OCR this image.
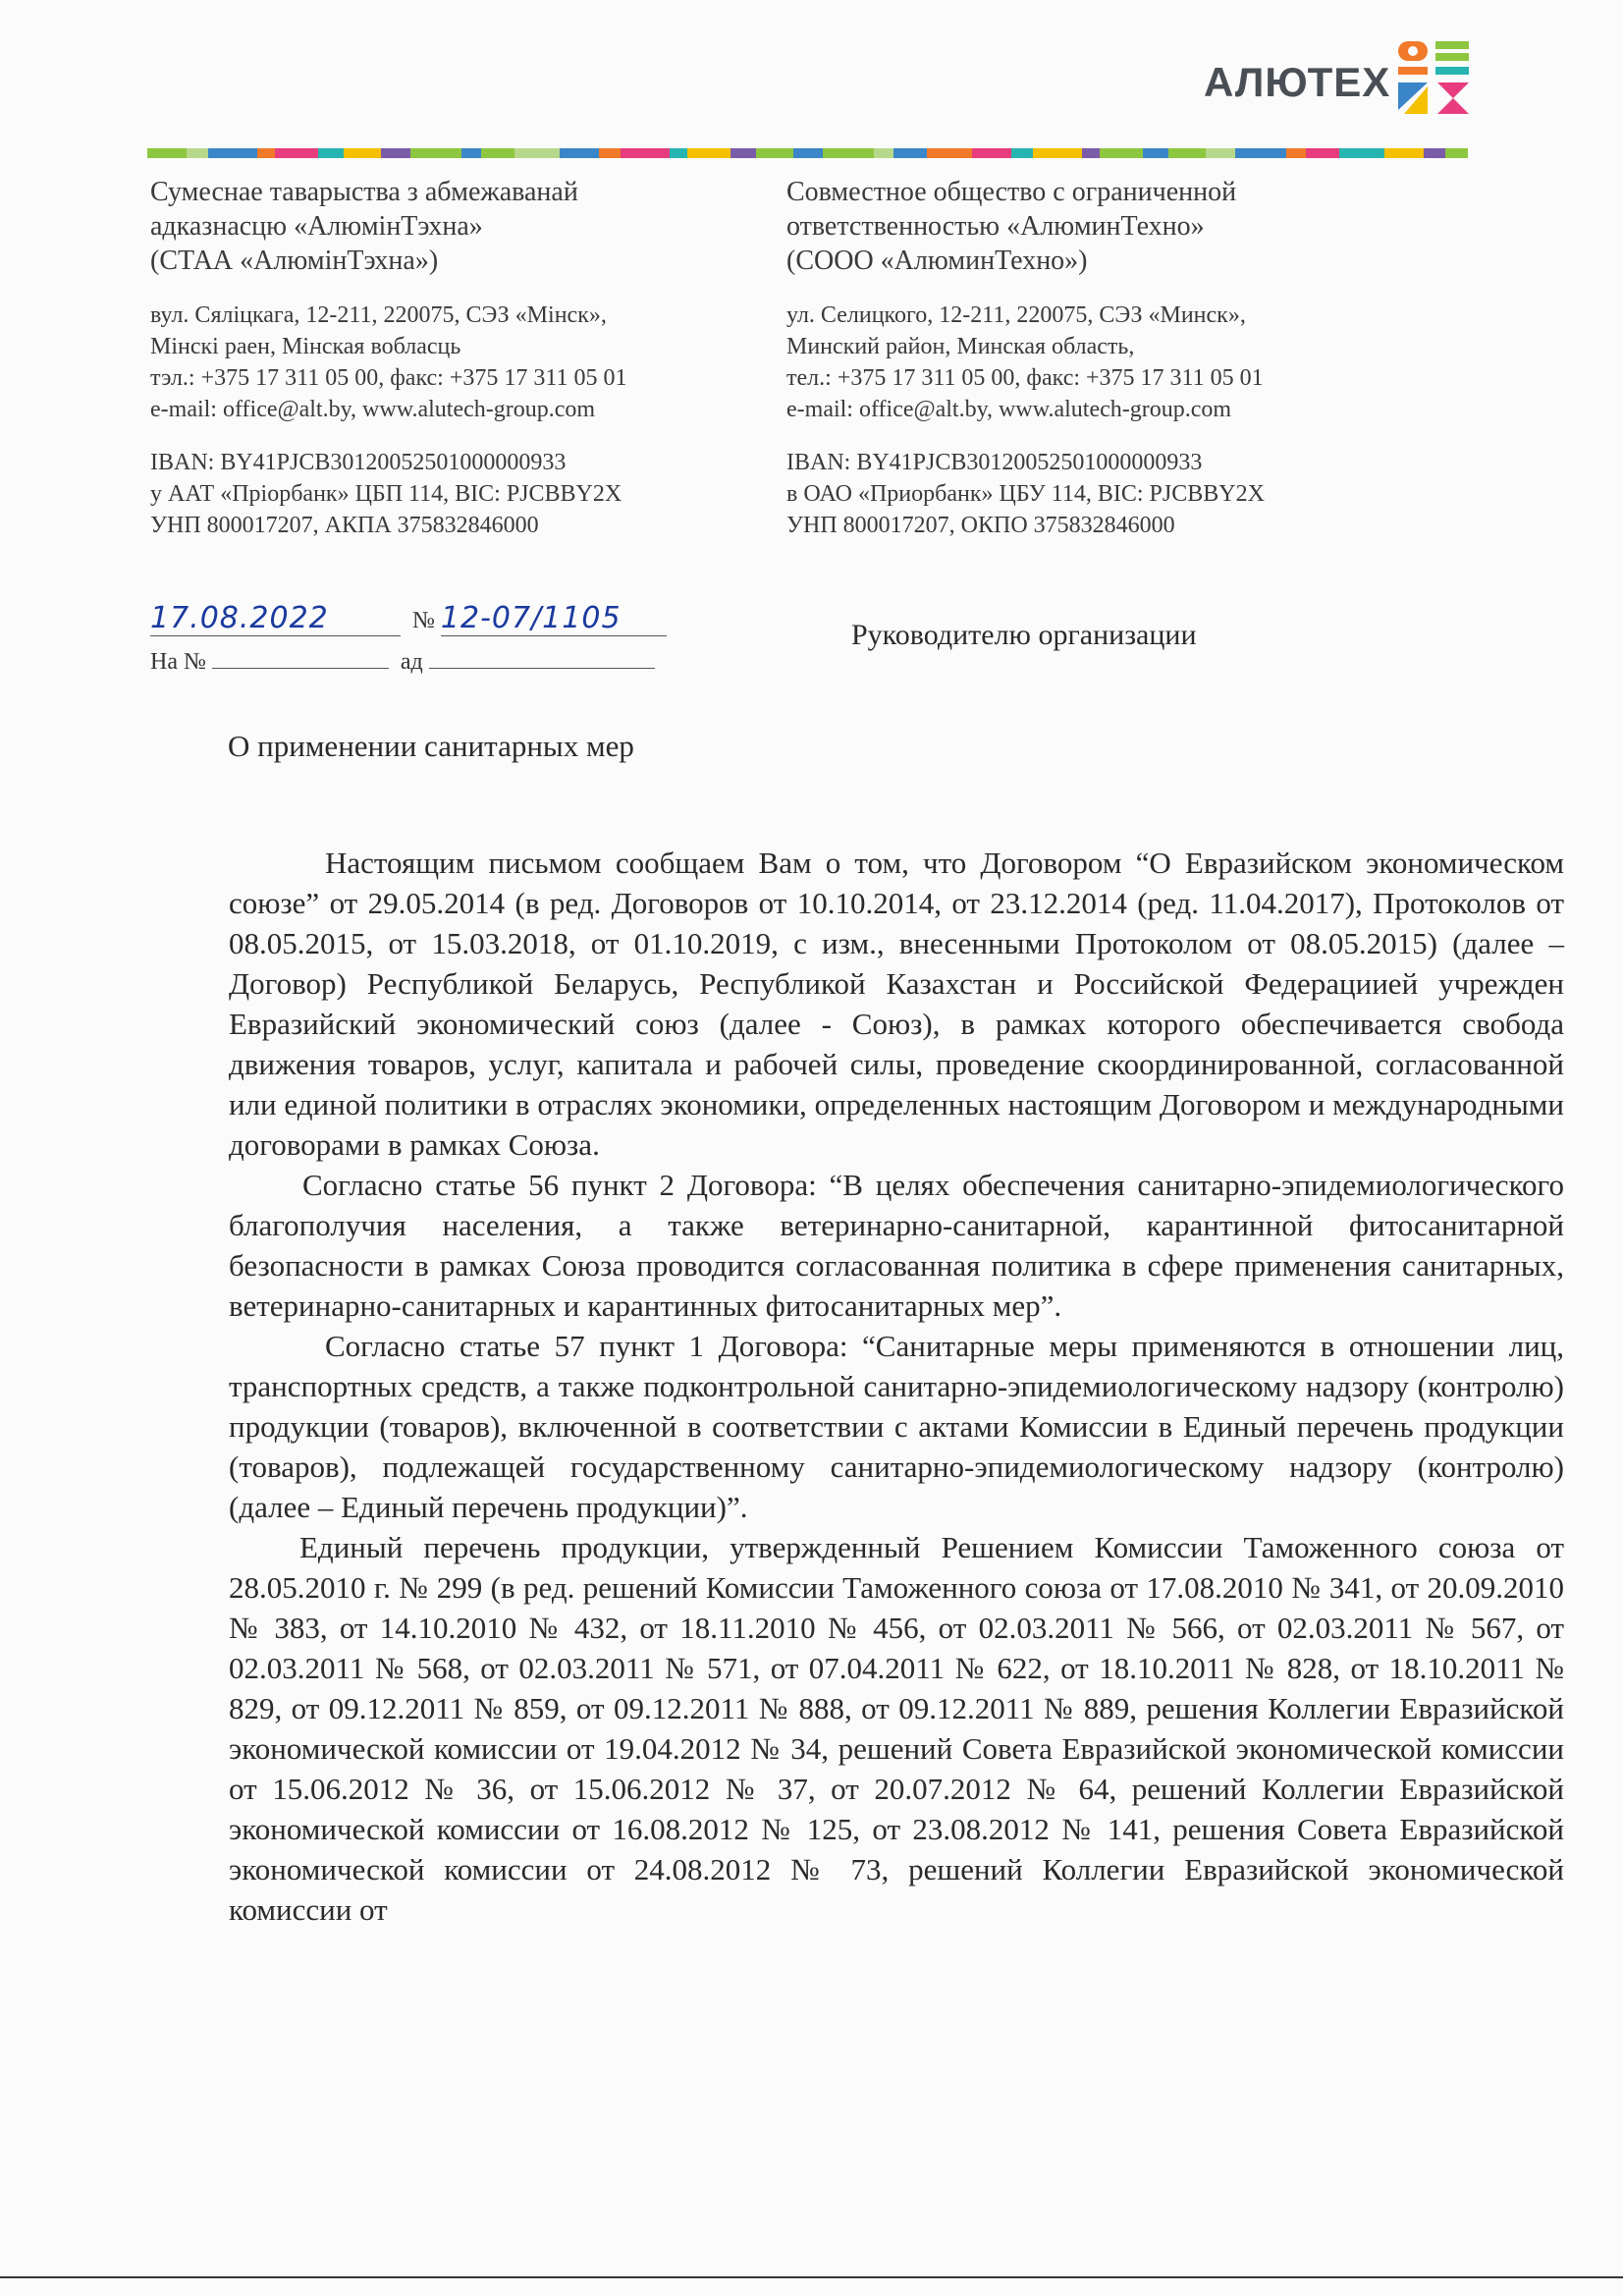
АЛЮТЕХ
Сумеснае таварыства з абмежаванай
адказнасцю «АлюмінТэхна»
(СТАА «АлюмінТэхна»)
вул. Сяліцкага, 12-211, 220075, СЭЗ «Мінск»,
Мінскі раен, Мінская вобласць
тэл.: +375 17 311 05 00, факс: +375 17 311 05 01
e-mail: office@alt.by, www.alutech-group.com
IBAN: BY41PJCB30120052501000000933
у ААТ «Пріорбанк» ЦБП 114, BIC: PJCBBY2X
УНП 800017207, АКПА 375832846000
Совместное общество с ограниченной
ответственностью «АлюминТехно»
(СООО «АлюминТехно»)
ул. Селицкого, 12-211, 220075, СЭЗ «Минск»,
Минский район, Минская область,
тел.: +375 17 311 05 00, факс: +375 17 311 05 01
e-mail: office@alt.by, www.alutech-group.com
IBAN: BY41PJCB30120052501000000933
в ОАО «Приорбанк» ЦБУ 114, BIC: PJCBBY2X
УНП 800017207, ОКПО 375832846000
17.08.2022	№ 12-07/1105
На №	ад
Руководителю организации
О применении санитарных мер

Настоящим письмом сообщаем Вам о том, что Договором “О Евразийском экономическом союзе” от 29.05.2014 (в ред. Договоров от 10.10.2014, от 23.12.2014 (ред. 11.04.2017), Протоколов от 08.05.2015, от 15.03.2018, от 01.10.2019, с изм., внесенными Протоколом от 08.05.2015) (далее – Договор) Республикой Беларусь, Республикой Казахстан и Российской Федерациией учрежден Евразийский экономический союз (далее - Союз), в рамках которого обеспечивается свобода движения товаров, услуг, капитала и рабочей силы, проведение скоординированной, согласованной или единой политики в отраслях экономики, определенных настоящим Договором и международными договорами в рамках Союза.

Согласно статье 56 пункт 2 Договора: “В целях обеспечения санитарно-эпидемиологического благополучия населения, а также ветеринарно-санитарной, карантинной фитосанитарной безопасности в рамках Союза проводится согласованная политика в сфере применения санитарных, ветеринарно-санитарных и карантинных фитосанитарных мер”.

Согласно статье 57 пункт 1 Договора: “Санитарные меры применяются в отношении лиц, транспортных средств, а также подконтрольной санитарно-эпидемиологическому надзору (контролю) продукции (товаров), включенной в соответствии с актами Комиссии в Единый перечень продукции (товаров), подлежащей государственному санитарно-эпидемиологическому надзору (контролю) (далее – Единый перечень продукции)”.

Единый перечень продукции, утвержденный Решением Комиссии Таможенного союза от 28.05.2010 г. № 299 (в ред. решений Комиссии Таможенного союза от 17.08.2010 № 341, от 20.09.2010 № 383, от 14.10.2010 № 432, от 18.11.2010 № 456, от 02.03.2011 № 566, от 02.03.2011 № 567, от 02.03.2011 № 568, от 02.03.2011 № 571, от 07.04.2011 № 622, от 18.10.2011 № 828, от 18.10.2011 № 829, от 09.12.2011 № 859, от 09.12.2011 № 888, от 09.12.2011 № 889, решения Коллегии Евразийской экономической комиссии от 19.04.2012 № 34, решений Совета Евразийской экономической комиссии от 15.06.2012 № 36, от 15.06.2012 № 37, от 20.07.2012 № 64, решений Коллегии Евразийской экономической комиссии от 16.08.2012 № 125, от 23.08.2012 № 141, решения Совета Евразийской экономической комиссии от 24.08.2012 № 73, решений Коллегии Евразийской экономической комиссии от
